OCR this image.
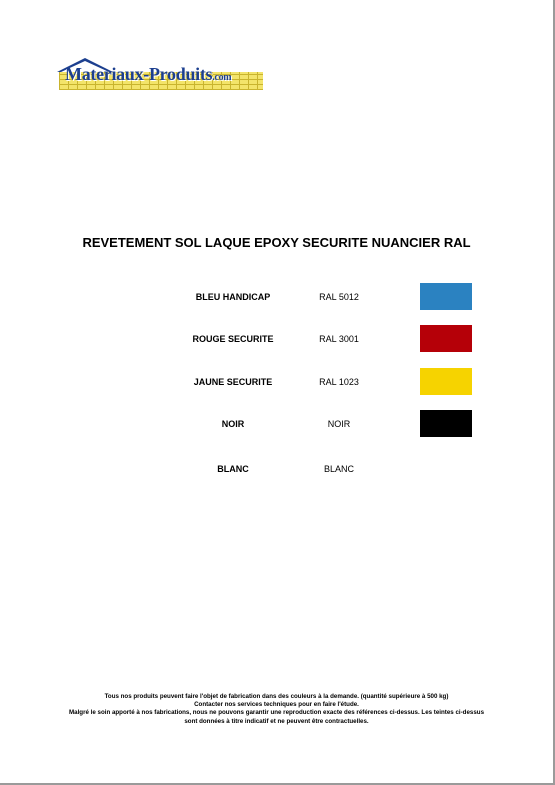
Materiaux-Produits.com
REVETEMENT SOL LAQUE EPOXY SECURITE NUANCIER RAL
BLEU HANDICAP	RAL 5012
ROUGE SECURITE	RAL 3001
JAUNE SECURITE	RAL 1023
NOIR	NOIR
BLANC	BLANC
Tous nos produits peuvent faire l'objet de fabrication dans des couleurs à la demande. (quantité supérieure à 500 kg)
Contacter nos services techniques pour en faire l'étude.
Malgré le soin apporté à nos fabrications, nous ne pouvons garantir une reproduction exacte des références ci-dessus. Les teintes ci-dessus
sont données à titre indicatif et ne peuvent être contractuelles.
